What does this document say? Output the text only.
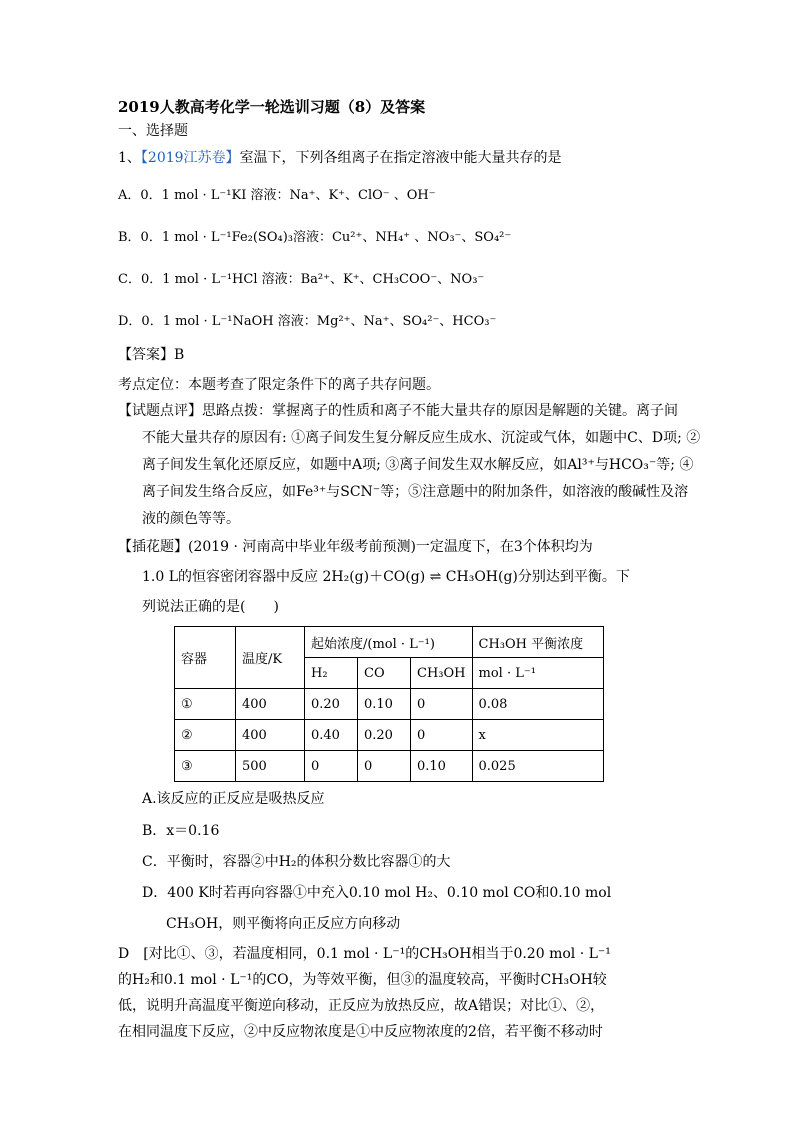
2019人教高考化学一轮选训习题（8）及答案
一、选择题
1、【2019江苏卷】室温下，下列各组离子在指定溶液中能大量共存的是
A．0．1 mol · L⁻¹KI 溶液：Na⁺、K⁺、ClO⁻ 、OH⁻
B．0．1 mol · L⁻¹Fe₂(SO₄)₃溶液：Cu²⁺、NH₄⁺ 、NO₃⁻、SO₄²⁻
C．0．1 mol · L⁻¹HCl 溶液：Ba²⁺、K⁺、CH₃COO⁻、NO₃⁻
D．0．1 mol · L⁻¹NaOH 溶液：Mg²⁺、Na⁺、SO₄²⁻、HCO₃⁻
【答案】B
考点定位：本题考查了限定条件下的离子共存问题。
【试题点评】思路点拨：掌握离子的性质和离子不能大量共存的原因是解题的关键。离子间
不能大量共存的原因有: ①离子间发生复分解反应生成水、沉淀或气体，如题中C、D项; ②
离子间发生氧化还原反应，如题中A项; ③离子间发生双水解反应，如Al³⁺与HCO₃⁻等; ④
离子间发生络合反应，如Fe³⁺与SCN⁻等；⑤注意题中的附加条件，如溶液的酸碱性及溶
液的颜色等等。
【插花题】(2019 · 河南高中毕业年级考前预测)一定温度下，在3个体积均为
1.0 L的恒容密闭容器中反应 2H₂(g)＋CO(g) ⇌ CH₃OH(g)分别达到平衡。下
列说法正确的是(　　)
容器	温度/K	起始浓度/(mol · L⁻¹)			CH₃OH 平衡浓度
		H₂	CO	CH₃OH	mol · L⁻¹
①	400	0.20	0.10	0	0.08
②	400	0.40	0.20	0	x
③	500	0	0	0.10	0.025
A.该反应的正反应是吸热反应
B．x＝0.16
C．平衡时，容器②中H₂的体积分数比容器①的大
D．400 K时若再向容器①中充入0.10 mol H₂、0.10 mol CO和0.10 mol
CH₃OH，则平衡将向正反应方向移动
D　[对比①、③，若温度相同，0.1 mol · L⁻¹的CH₃OH相当于0.20 mol · L⁻¹
的H₂和0.1 mol · L⁻¹的CO，为等效平衡，但③的温度较高，平衡时CH₃OH较
低，说明升高温度平衡逆向移动，正反应为放热反应，故A错误；对比①、②，
在相同温度下反应，②中反应物浓度是①中反应物浓度的2倍，若平衡不移动时
